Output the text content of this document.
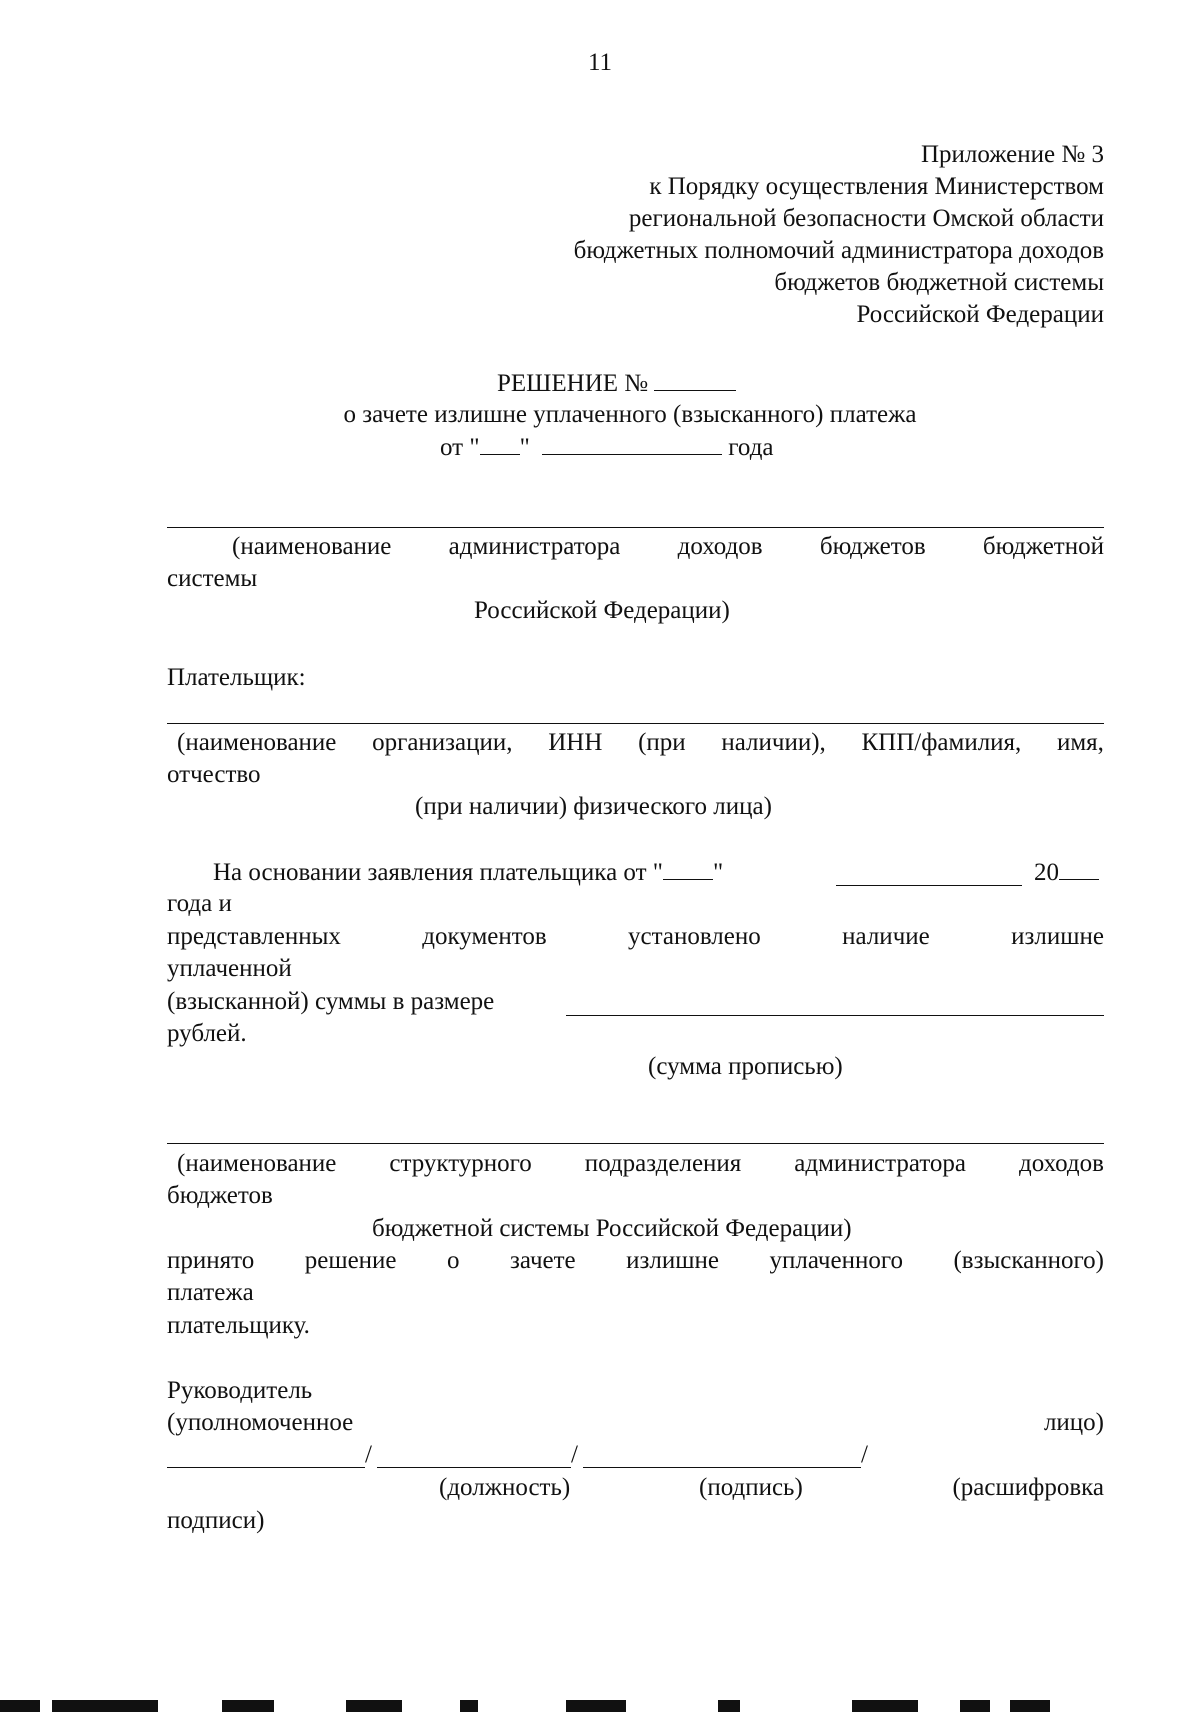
11
Приложение № 3
к Порядку осуществления Министерством
региональной безопасности Омской области
бюджетных полномочий администратора доходов
бюджетов бюджетной системы
Российской Федерации
РЕШЕНИЕ №
о зачете излишне уплаченного (взысканного) платежа
от " "	года
(наименование администратора доходов бюджетов бюджетной
системы
Российской Федерации)
Плательщик:
(наименование организации, ИНН (при наличии), КПП/фамилия, имя,
отчество
(при наличии) физического лица)
На основании заявления плательщика от " "	20
года и
представленных	документов	установлено	наличие	излишне
уплаченной
(взысканной) суммы в размере
рублей.
(сумма прописью)
(наименование структурного подразделения администратора доходов
бюджетов
бюджетной системы Российской Федерации)
принято решение о зачете излишне уплаченного (взысканного)
платежа
плательщику.
Руководитель
(уполномоченное	лицо)
/	/	/
(должность)	(подпись)	(расшифровка
подписи)
